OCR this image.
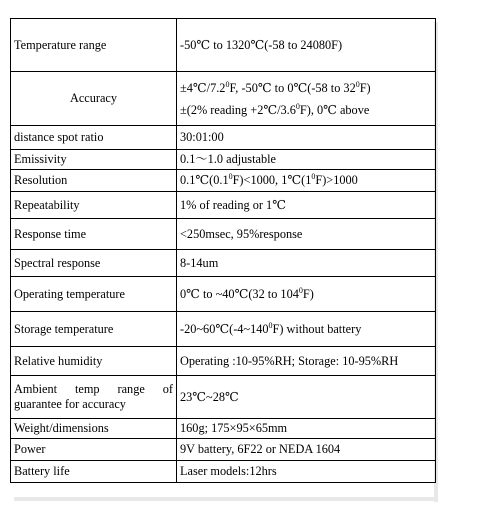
Temperature range	-50℃ to 1320℃(-58 to 24080F)
Accuracy	$\pm 4℃/7.2^0F$, -50℃ to 0℃(-58 to $32^0F$)
±(2% reading $+2℃/3.6^0F$), 0℃ above

distance spot ratio	30:01:00
Emissivity	0.1～1.0 adjustable
Resolution	$0.1℃(0.1^0F)<1000$, $1℃(1^0F)>1000$
Repeatability	1% of reading or 1℃
Response time	<250msec, 95%response
Spectral response	8-14um
Operating temperature	0℃ to ~40℃(32 to $104^0F$)
Storage temperature	$-20\sim 60℃(-4\sim 140^0F)$ without battery
Relative humidity	Operating :10-95%RH; Storage: 10-95%RH
Ambient temp range of guarantee for accuracy	23℃~28℃
Weight/dimensions	160g; 175×95×65mm
Power	9V battery, 6F22 or NEDA 1604
Battery life	Laser models:12hrs
